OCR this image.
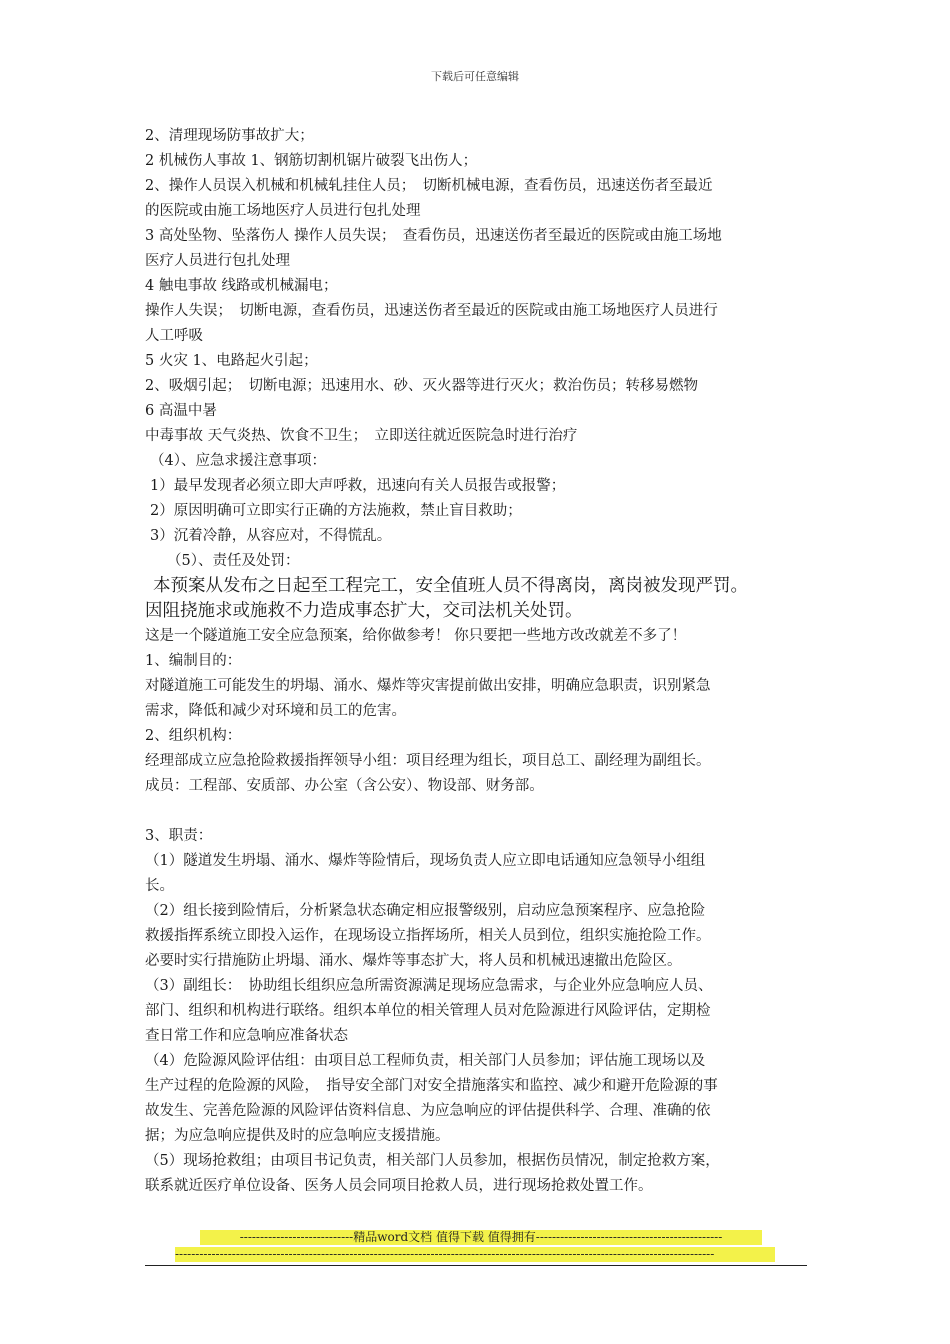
下载后可任意编辑
2、清理现场防事故扩大；
2 机械伤人事故 1、钢筋切割机锯片破裂飞出伤人；
2、操作人员误入机械和机械轧挂住人员；　切断机械电源，查看伤员，迅速送伤者至最近
的医院或由施工场地医疗人员进行包扎处理
3 高处坠物、坠落伤人 操作人员失误；　查看伤员，迅速送伤者至最近的医院或由施工场地
医疗人员进行包扎处理
4 触电事故 线路或机械漏电；
操作人失误；　切断电源，查看伤员，迅速送伤者至最近的医院或由施工场地医疗人员进行
人工呼吸
5 火灾 1、电路起火引起；
2、吸烟引起；　切断电源；迅速用水、砂、灭火器等进行灭火；救治伤员；转移易燃物
6 高温中暑
中毒事故 天气炎热、饮食不卫生；　立即送往就近医院急时进行治疗
（4）、应急求援注意事项：
1）最早发现者必须立即大声呼救，迅速向有关人员报告或报警；
2）原因明确可立即实行正确的方法施救，禁止盲目救助；
3）沉着冷静，从容应对，不得慌乱。
（5）、责任及处罚：
本预案从发布之日起至工程完工，安全值班人员不得离岗，离岗被发现严罚。
因阻挠施求或施救不力造成事态扩大，交司法机关处罚。
这是一个隧道施工安全应急预案，给你做参考！ 你只要把一些地方改改就差不多了！
1、编制目的：
对隧道施工可能发生的坍塌、涌水、爆炸等灾害提前做出安排，明确应急职责，识别紧急
需求，降低和减少对环境和员工的危害。
2、组织机构：
经理部成立应急抢险救援指挥领导小组：项目经理为组长，项目总工、副经理为副组长。
成员：工程部、安质部、办公室（含公安）、物设部、财务部。
3、职责：
（1）隧道发生坍塌、涌水、爆炸等险情后，现场负责人应立即电话通知应急领导小组组
长。
（2）组长接到险情后，分析紧急状态确定相应报警级别，启动应急预案程序、应急抢险
救援指挥系统立即投入运作，在现场设立指挥场所，相关人员到位，组织实施抢险工作。
必要时实行措施防止坍塌、涌水、爆炸等事态扩大，将人员和机械迅速撤出危险区。
（3）副组长：　协助组长组织应急所需资源满足现场应急需求，与企业外应急响应人员、
部门、组织和机构进行联络。组织本单位的相关管理人员对危险源进行风险评估，定期检
查日常工作和应急响应准备状态
（4）危险源风险评估组：由项目总工程师负责，相关部门人员参加；评估施工现场以及
生产过程的危险源的风险，　指导安全部门对安全措施落实和监控、减少和避开危险源的事
故发生、完善危险源的风险评估资料信息、为应急响应的评估提供科学、合理、准确的依
据；为应急响应提供及时的应急响应支援措施。
（5）现场抢救组；由项目书记负责，相关部门人员参加，根据伤员情况，制定抢救方案，
联系就近医疗单位设备、医务人员会同项目抢救人员，进行现场抢救处置工作。
----------------------------精品word文档 值得下载 值得拥有----------------------------------------------
-------------------------------------------------------------------------------------------------------------------------------------
